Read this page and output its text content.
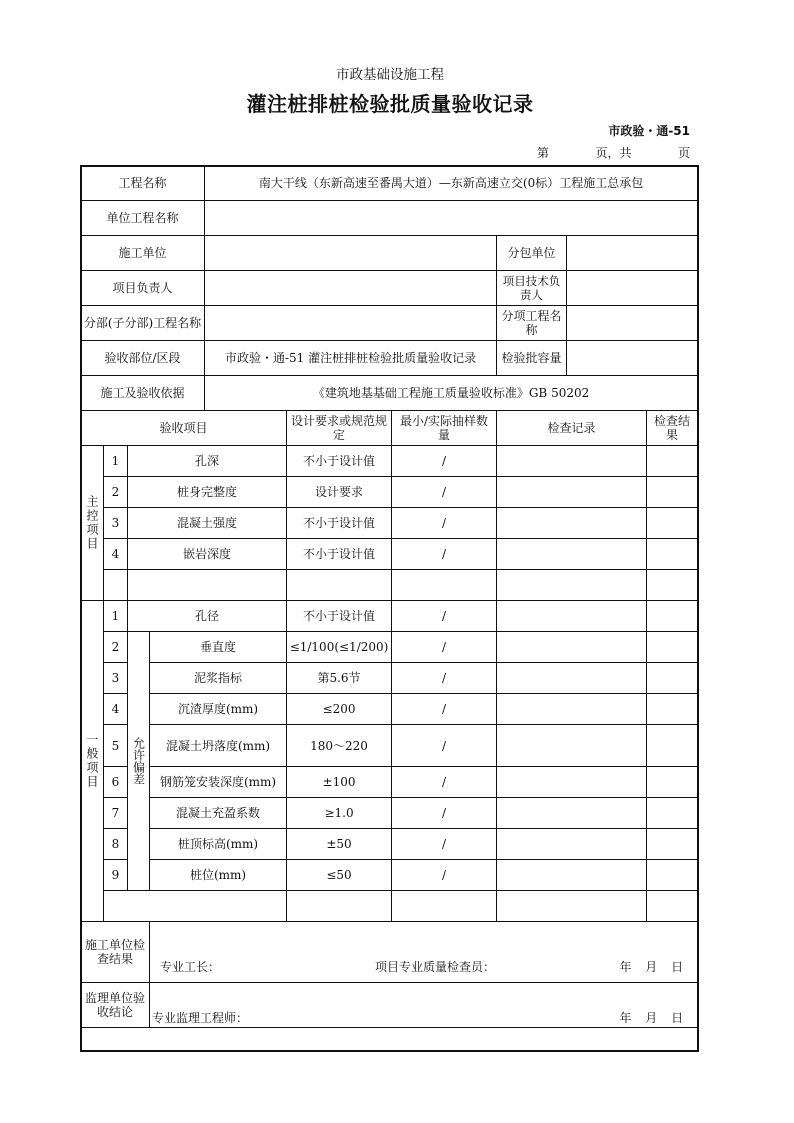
市政基础设施工程
灌注桩排桩检验批质量验收记录
市政验・通-51
第	页，共	页
工程名称				南大干线（东新高速至番禺大道）—东新高速立交(0标）工程施工总承包					
单位工程名称									
施工单位							分包单位		
项目负责人							项目技术负责人		
分部(子分部)工程名称							分项工程名称		
验收部位/区段				市政验・通-51 灌注桩排桩检验批质量验收记录			检验批容量		
施工及验收依据				《建筑地基基础工程施工质量验收标准》GB 50202					
验收项目					设计要求或规范规定	最小/实际抽样数量	检查记录		检查结果
主控项目	1	孔深			不小于设计值	/			
	2	桩身完整度			设计要求	/			
	3	混凝土强度			不小于设计值	/			
	4	嵌岩深度			不小于设计值	/			

一般项目	1	孔径			不小于设计值	/			
	2	允许偏差	垂直度		≤1/100(≤1/200)	/			
	3		泥浆指标		第5.6节	/			
	4		沉渣厚度(mm)		≤200	/			
	5		混凝土坍落度(mm)		180～220	/			
	6		钢筋笼安装深度(mm)		±100	/			
	7		混凝土充盈系数		≥1.0	/			
	8		桩顶标高(mm)		±50	/			
	9		桩位(mm)		≤50	/			

施工单位检查结果			专业工长： 项目专业质量检查员： 年 月 日						

监理单位验收结论			专业监理工程师： 年 月 日						
